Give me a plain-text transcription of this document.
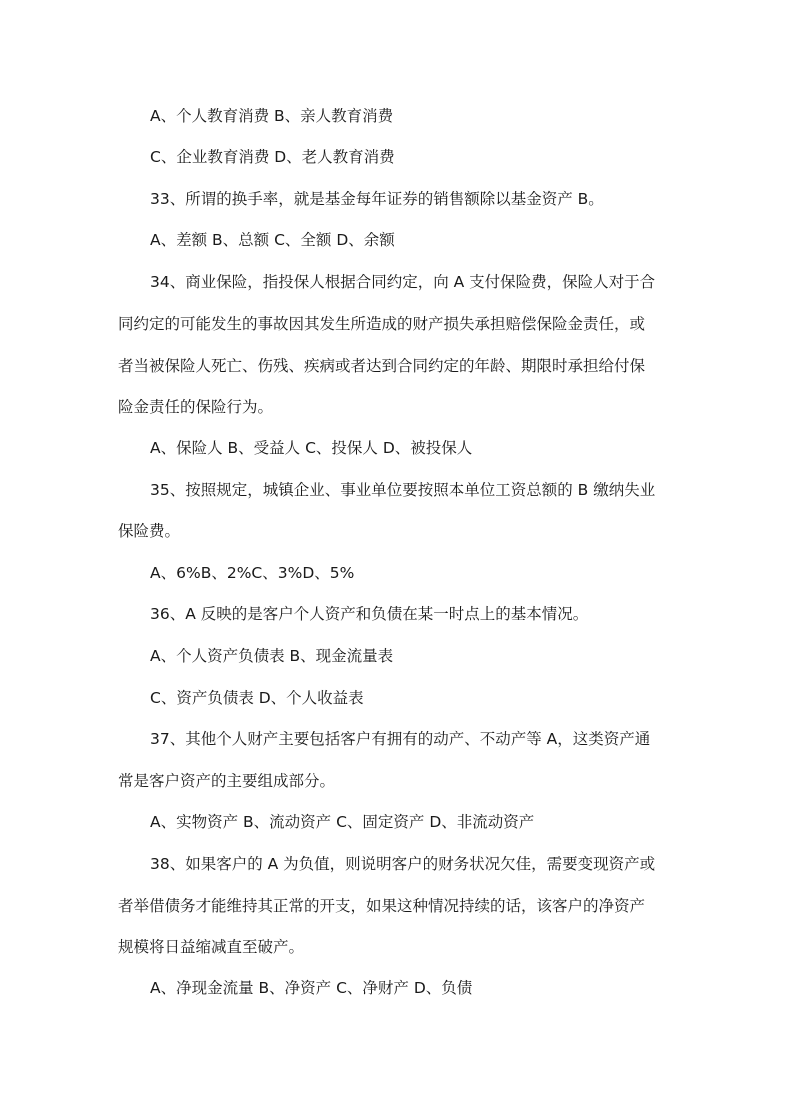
A、个人教育消费 B、亲人教育消费

C、企业教育消费 D、老人教育消费

33、所谓的换手率，就是基金每年证券的销售额除以基金资产 B。

A、差额 B、总额 C、全额 D、余额

34、商业保险，指投保人根据合同约定，向 A 支付保险费，保险人对于合

同约定的可能发生的事故因其发生所造成的财产损失承担赔偿保险金责任，或

者当被保险人死亡、伤残、疾病或者达到合同约定的年龄、期限时承担给付保

险金责任的保险行为。

A、保险人 B、受益人 C、投保人 D、被投保人

35、按照规定，城镇企业、事业单位要按照本单位工资总额的 B 缴纳失业

保险费。

A、6%B、2%C、3%D、5%

36、A 反映的是客户个人资产和负债在某一时点上的基本情况。

A、个人资产负债表 B、现金流量表

C、资产负债表 D、个人收益表

37、其他个人财产主要包括客户有拥有的动产、不动产等 A，这类资产通

常是客户资产的主要组成部分。

A、实物资产 B、流动资产 C、固定资产 D、非流动资产

38、如果客户的 A 为负值，则说明客户的财务状况欠佳，需要变现资产或

者举借债务才能维持其正常的开支，如果这种情况持续的话，该客户的净资产

规模将日益缩减直至破产。

A、净现金流量 B、净资产 C、净财产 D、负债
